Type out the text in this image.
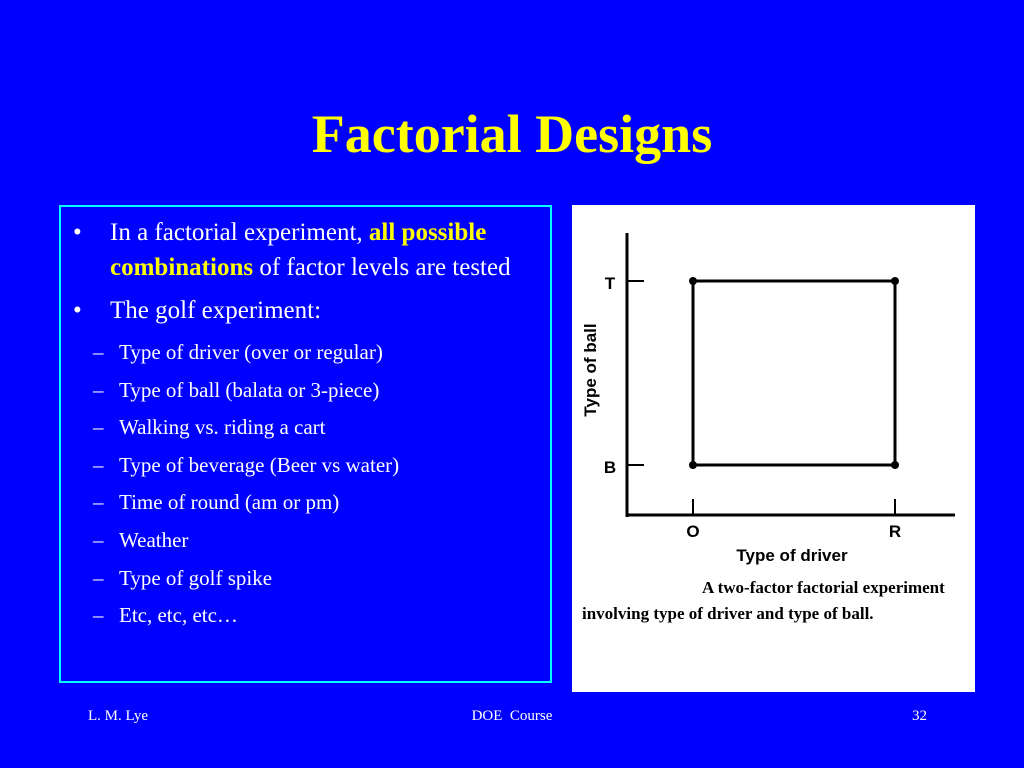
Factorial Designs
• In a factorial experiment, all possible combinations of factor levels are tested
• The golf experiment:
– Type of driver (over or regular)
– Type of ball (balata or 3-piece)
– Walking vs. riding a cart
– Type of beverage (Beer vs water)
– Time of round (am or pm)
– Weather
– Type of golf spike
– Etc, etc, etc…
T
B
O	R
Type of driver
Type of ball
A two-factor factorial experiment involving type of driver and type of ball.
L. M. Lye	DOE  Course	32
